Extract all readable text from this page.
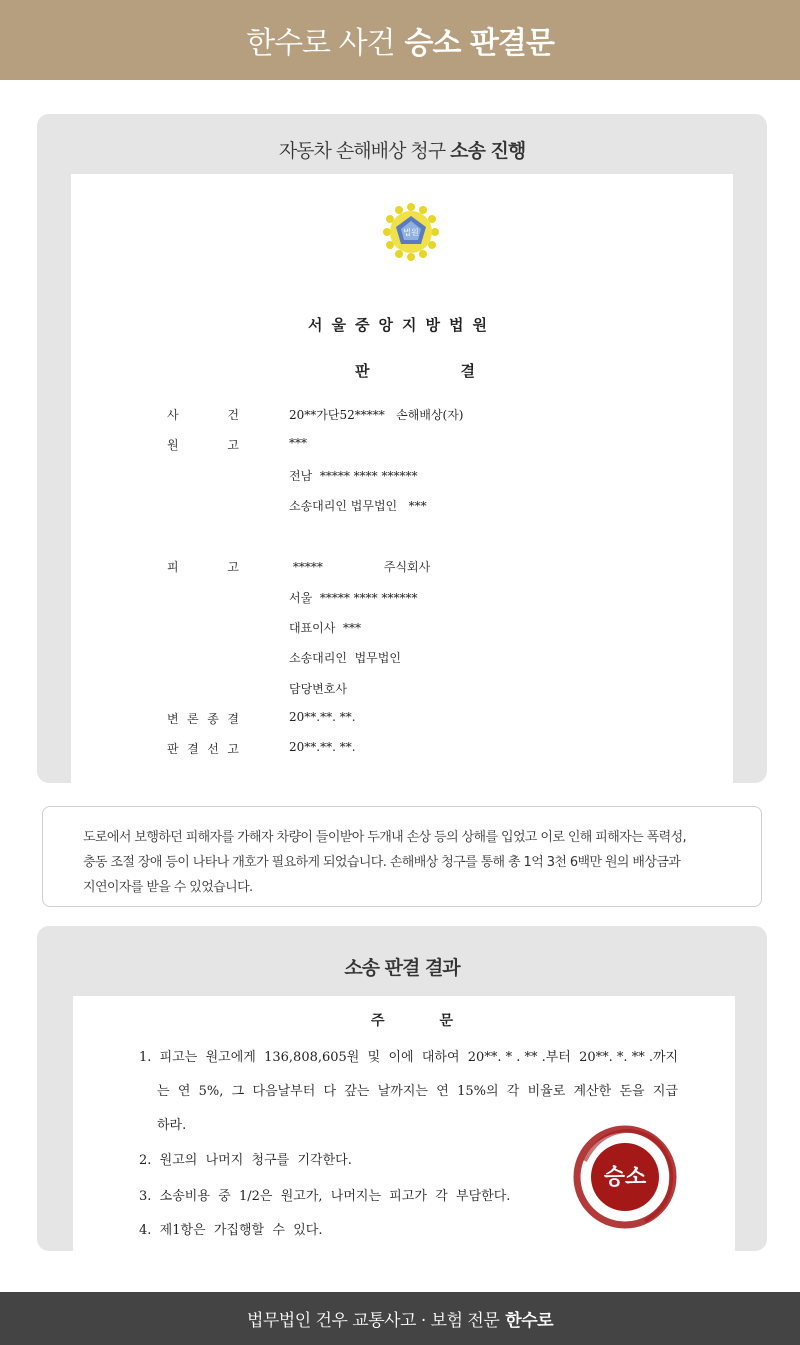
한수로 사건 승소 판결문
자동차 손해배상 청구 소송 진행
법원
서울중앙지방법원
판	결
사	건	20**가단52*****   손해배상(자)
원	고	***
전남  ***** **** ******
소송대리인 법무법인   ***
피	고	*****                주식회사
서울  ***** **** ******
대표이사  ***
소송대리인  법무법인
담당변호사
변 론 종 결	20**.**. **.
판 결 선 고	20**.**. **.
도로에서 보행하던 피해자를 가해자 차량이 들이받아 두개내 손상 등의 상해를 입었고 이로 인해 피해자는 폭력성,
충동 조절 장애 등이 나타나 개호가 필요하게 되었습니다. 손해배상 청구를 통해 총 1억 3천 6백만 원의 배상금과
지연이자를 받을 수 있었습니다.
소송 판결 결과
주	문
1.  피고는  원고에게  136,808,605원  및  이에  대하여  20**. * . ** .부터  20**. *. ** .까지
는  연  5%,  그  다음날부터  다  갚는  날까지는  연  15%의  각  비율로  계산한  돈을  지급
하라.
2.  원고의  나머지  청구를  기각한다.
3.  소송비용  중  1/2은  원고가,  나머지는  피고가  각  부담한다.
4.  제1항은  가집행할  수  있다.
승소
법무법인 건우 교통사고 · 보험 전문 한수로
